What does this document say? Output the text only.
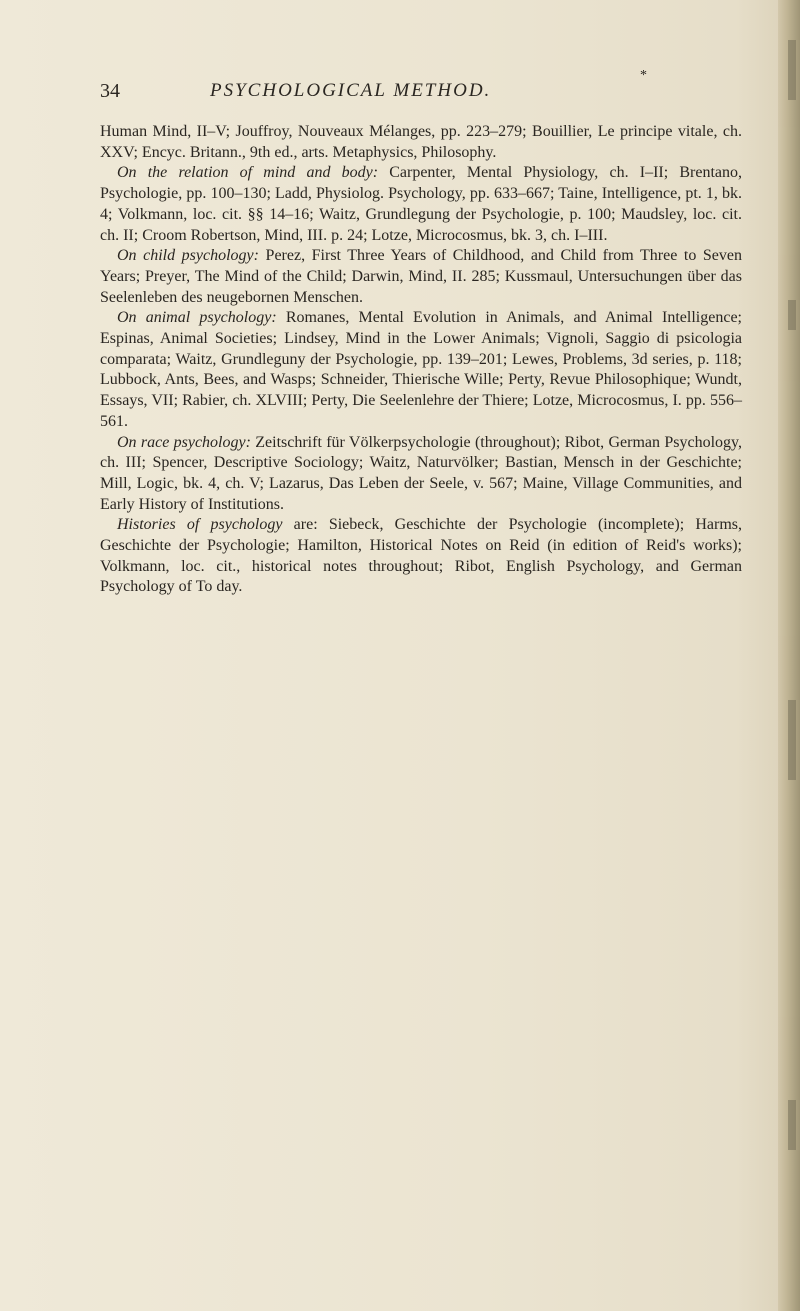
34	PSYCHOLOGICAL METHOD.
*

Human Mind, II–V; Jouffroy, Nouveaux Mélanges, pp. 223–279; Bouillier, Le principe vitale, ch. XXV; Encyc. Britann., 9th ed., arts. Metaphysics, Philosophy.

On the relation of mind and body: Carpenter, Mental Physiology, ch. I–II; Brentano, Psychologie, pp. 100–130; Ladd, Physiolog. Psychology, pp. 633–667; Taine, Intelligence, pt. 1, bk. 4; Volkmann, loc. cit. §§ 14–16; Waitz, Grundlegung der Psychologie, p. 100; Maudsley, loc. cit. ch. II; Croom Robertson, Mind, III. p. 24; Lotze, Microcosmus, bk. 3, ch. I–III.

On child psychology: Perez, First Three Years of Childhood, and Child from Three to Seven Years; Preyer, The Mind of the Child; Darwin, Mind, II. 285; Kussmaul, Untersuchungen über das Seelenleben des neugebornen Menschen.

On animal psychology: Romanes, Mental Evolution in Animals, and Animal Intelligence; Espinas, Animal Societies; Lindsey, Mind in the Lower Animals; Vignoli, Saggio di psicologia comparata; Waitz, Grundleguny der Psychologie, pp. 139–201; Lewes, Problems, 3d series, p. 118; Lubbock, Ants, Bees, and Wasps; Schneider, Thierische Wille; Perty, Revue Philosophique; Wundt, Essays, VII; Rabier, ch. XLVIII; Perty, Die Seelenlehre der Thiere; Lotze, Microcosmus, I. pp. 556–561.

On race psychology: Zeitschrift für Völkerpsychologie (throughout); Ribot, German Psychology, ch. III; Spencer, Descriptive Sociology; Waitz, Naturvölker; Bastian, Mensch in der Geschichte; Mill, Logic, bk. 4, ch. V; Lazarus, Das Leben der Seele, v. 567; Maine, Village Communities, and Early History of Institutions.

Histories of psychology are: Siebeck, Geschichte der Psychologie (incomplete); Harms, Geschichte der Psychologie; Hamilton, Historical Notes on Reid (in edition of Reid's works); Volkmann, loc. cit., historical notes throughout; Ribot, English Psychology, and German Psychology of To day.
